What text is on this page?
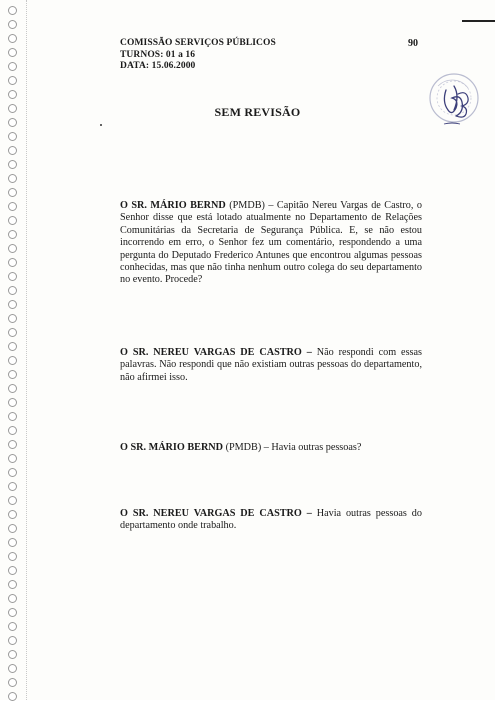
COMISSÃO SERVIÇOS PÚBLICOS
TURNOS: 01 a 16
DATA: 15.06.2000
90
SEM REVISÃO
O SR. MÁRIO BERND (PMDB) – Capitão Nereu Vargas de Castro, o Senhor disse que está lotado atualmente no Departamento de Relações Comunitárias da Secretaria de Segurança Pública. E, se não estou incorrendo em erro, o Senhor fez um comentário, respondendo a uma pergunta do Deputado Frederico Antunes que encontrou algumas pessoas conhecidas, mas que não tinha nenhum outro colega do seu departamento no evento. Procede?
O SR. NEREU VARGAS DE CASTRO – Não respondi com essas palavras. Não respondi que não existiam outras pessoas do departamento, não afirmei isso.
O SR. MÁRIO BERND (PMDB) – Havia outras pessoas?
O SR. NEREU VARGAS DE CASTRO – Havia outras pessoas do departamento onde trabalho.
